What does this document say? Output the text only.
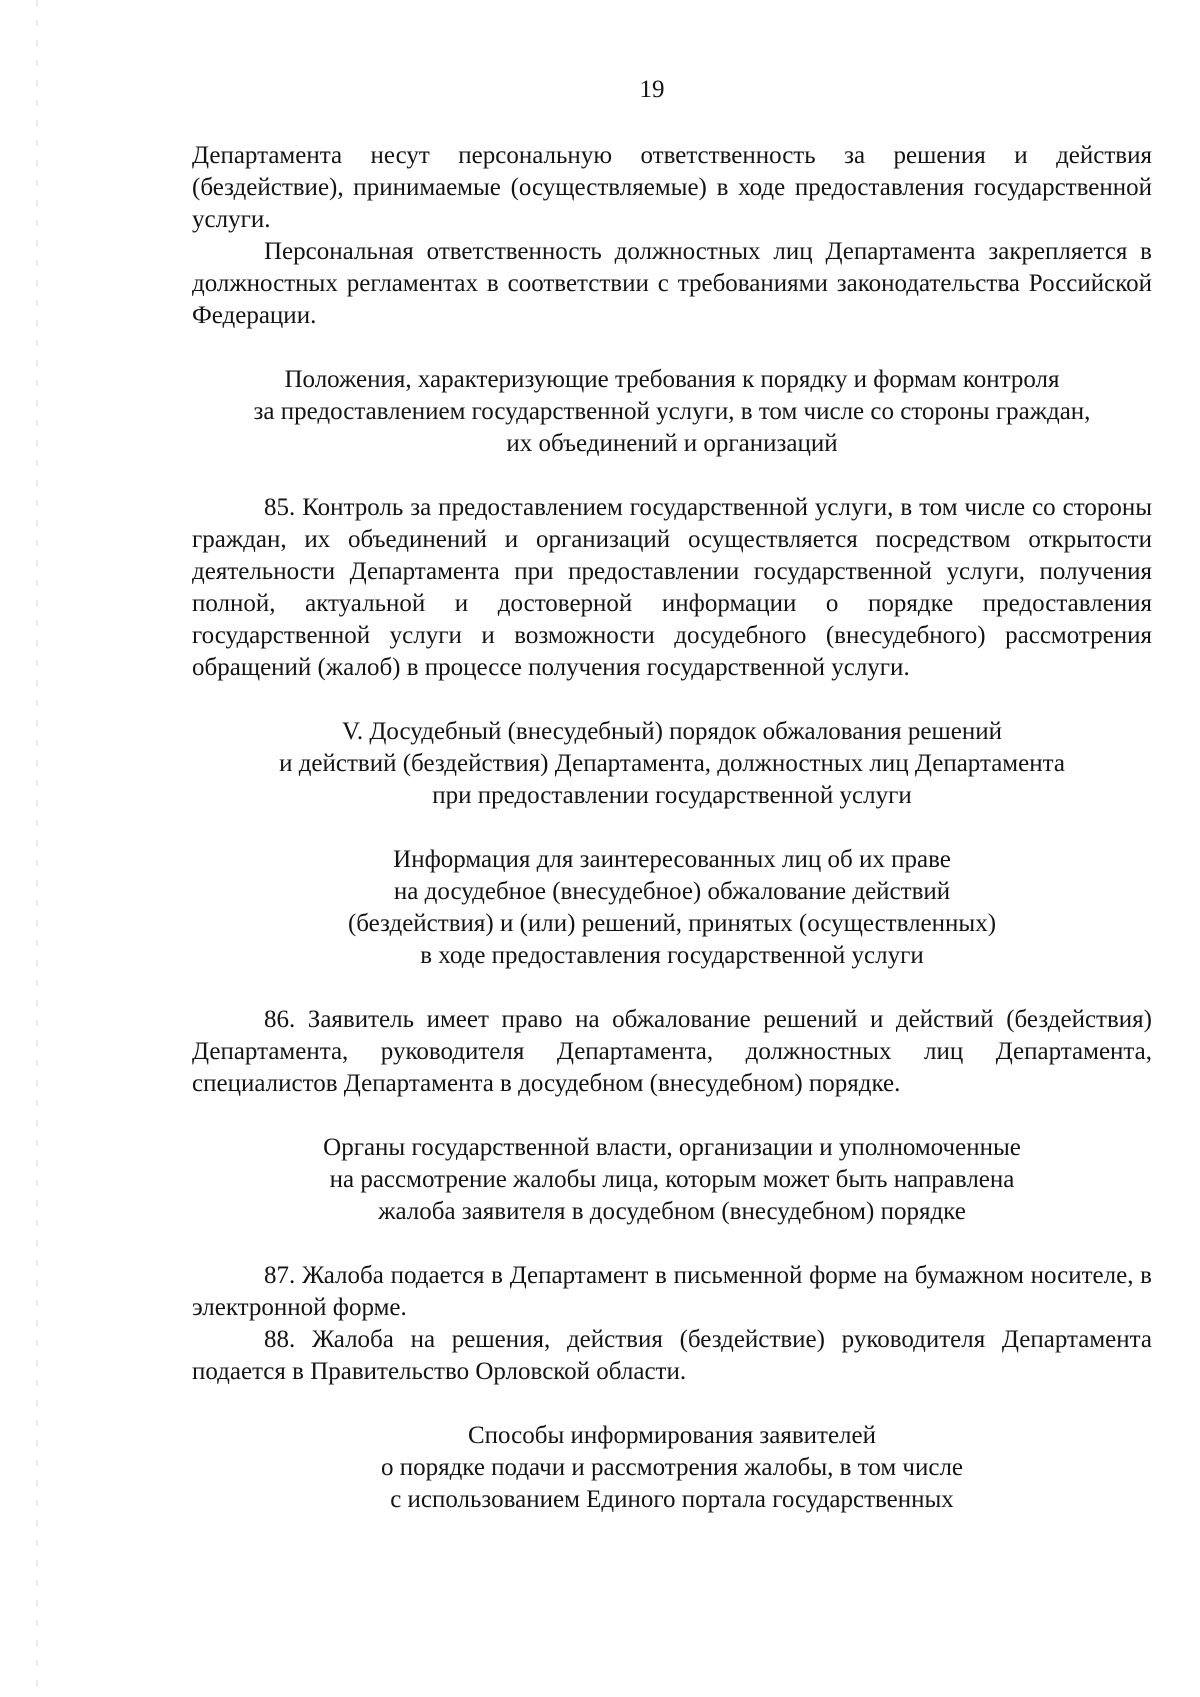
19

Департамента несут персональную ответственность за решения и действия (бездействие), принимаемые (осуществляемые) в ходе предоставления государственной услуги.

Персональная ответственность должностных лиц Департамента закрепляется в должностных регламентах в соответствии с требованиями законодательства Российской Федерации.

Положения, характеризующие требования к порядку и формам контроля
за предоставлением государственной услуги, в том числе со стороны граждан,
их объединений и организаций

85. Контроль за предоставлением государственной услуги, в том числе со стороны граждан, их объединений и организаций осуществляется посредством открытости деятельности Департамента при предоставлении государственной услуги, получения полной, актуальной и достоверной информации о порядке предоставления государственной услуги и возможности досудебного (внесудебного) рассмотрения обращений (жалоб) в процессе получения государственной услуги.

V. Досудебный (внесудебный) порядок обжалования решений
и действий (бездействия) Департамента, должностных лиц Департамента
при предоставлении государственной услуги
Информация для заинтересованных лиц об их праве
на досудебное (внесудебное) обжалование действий
(бездействия) и (или) решений, принятых (осуществленных)
в ходе предоставления государственной услуги

86. Заявитель имеет право на обжалование решений и действий (бездействия) Департамента, руководителя Департамента, должностных лиц Департамента, специалистов Департамента в досудебном (внесудебном) порядке.

Органы государственной власти, организации и уполномоченные
на рассмотрение жалобы лица, которым может быть направлена
жалоба заявителя в досудебном (внесудебном) порядке

87. Жалоба подается в Департамент в письменной форме на бумажном носителе, в электронной форме.

88. Жалоба на решения, действия (бездействие) руководителя Департамента подается в Правительство Орловской области.

Способы информирования заявителей
о порядке подачи и рассмотрения жалобы, в том числе
с использованием Единого портала государственных
